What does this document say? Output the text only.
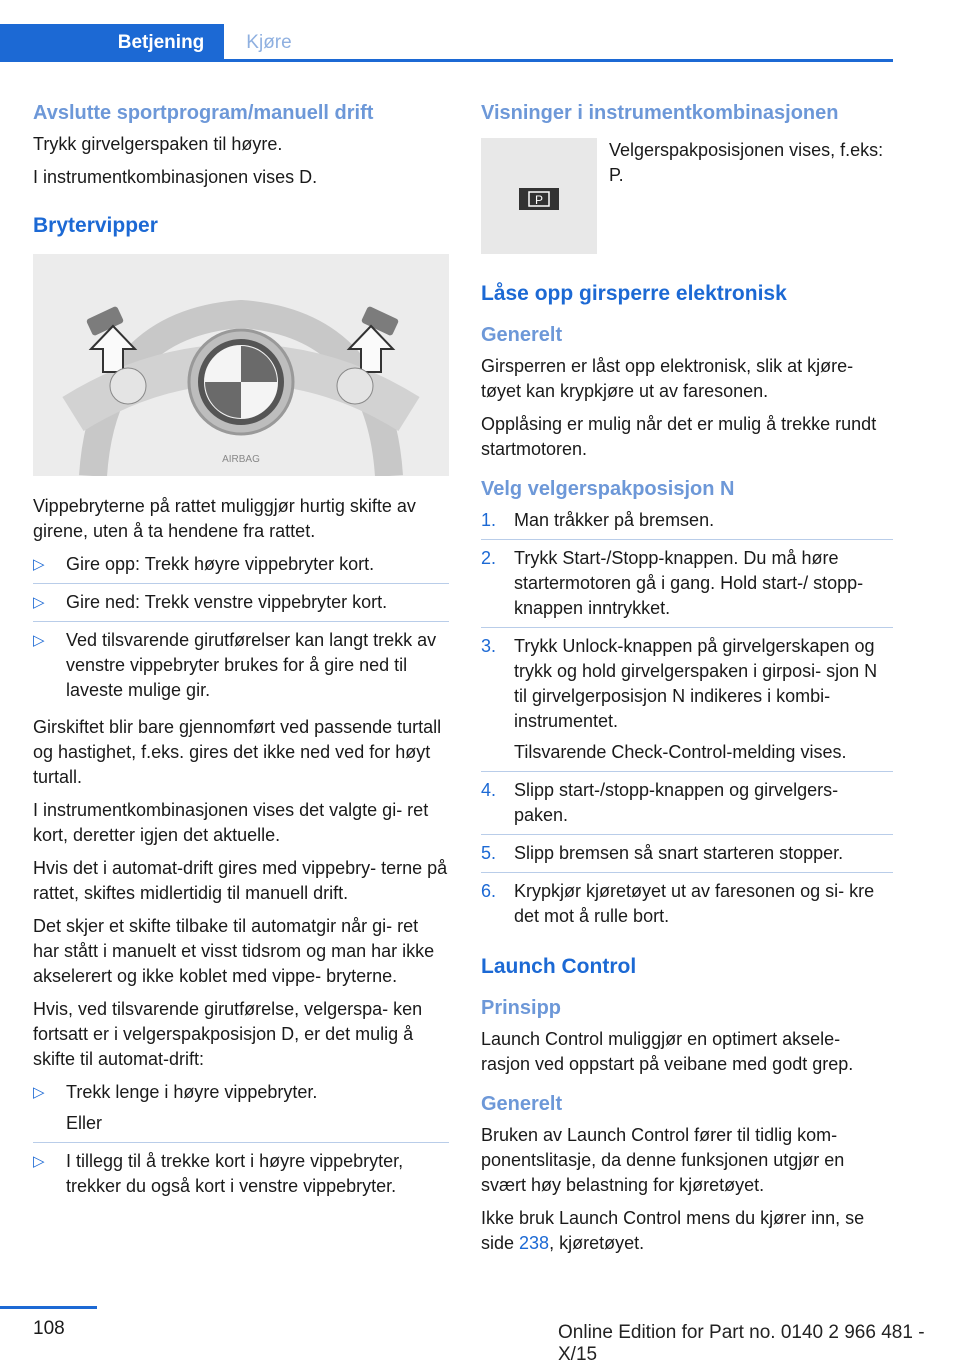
Betjening	Kjøre
Avslutte sportprogram/manuell drift

Trykk girvelgerspaken til høyre.

I instrumentkombinasjonen vises D.

Brytervipper
AIRBAG

Vippebryterne på rattet muliggjør hurtig skifte av girene, uten å ta hendene fra rattet.

▷ Gire opp: Trekk høyre vippebryter kort.
▷ Gire ned: Trekk venstre vippebryter kort.
▷ Ved tilsvarende girutførelser kan langt trekk av venstre vippebryter brukes for å gire ned til laveste mulige gir.

Girskiftet blir bare gjennomført ved passende turtall og hastighet, f.eks. gires det ikke ned ved for høyt turtall.

I instrumentkombinasjonen vises det valgte gi- ret kort, deretter igjen det aktuelle.

Hvis det i automat-drift gires med vippebry- terne på rattet, skiftes midlertidig til manuell drift.

Det skjer et skifte tilbake til automatgir når gi- ret har stått i manuelt et visst tidsrom og man har ikke akselerert og ikke koblet med vippe- bryterne.

Hvis, ved tilsvarende girutførelse, velgerspa- ken fortsatt er i velgerspakposisjon D, er det mulig å skifte til automat-drift:

▷ Trekk lenge i høyre vippebryter.
Eller
▷ I tillegg til å trekke kort i høyre vippebryter, trekker du også kort i venstre vippebryter.
Visninger i instrumentkombinasjonen
P

Velgerspakposisjonen vises, f.eks: P.

Låse opp girsperre elektronisk
Generelt

Girsperren er låst opp elektronisk, slik at kjøre- tøyet kan krypkjøre ut av faresonen.

Opplåsing er mulig når det er mulig å trekke rundt startmotoren.

Velg velgerspakposisjon N
1. Man tråkker på bremsen.
2. Trykk Start-/Stopp-knappen. Du må høre startermotoren gå i gang. Hold start-/ stopp-knappen inntrykket.
3. Trykk Unlock-knappen på girvelgerskapen og trykk og hold girvelgerspaken i girposi- sjon N til girvelgerposisjon N indikeres i kombi-instrumentet.
Tilsvarende Check-Control-melding vises.
4. Slipp start-/stopp-knappen og girvelgers- paken.
5. Slipp bremsen så snart starteren stopper.
6. Krypkjør kjøretøyet ut av faresonen og si- kre det mot å rulle bort.
Launch Control
Prinsipp

Launch Control muliggjør en optimert aksele- rasjon ved oppstart på veibane med godt grep.

Generelt

Bruken av Launch Control fører til tidlig kom- ponentslitasje, da denne funksjonen utgjør en svært høy belastning for kjøretøyet.

Ikke bruk Launch Control mens du kjører inn, se side 238, kjøretøyet.

108	Online Edition for Part no. 0140 2 966 481 - X/15
